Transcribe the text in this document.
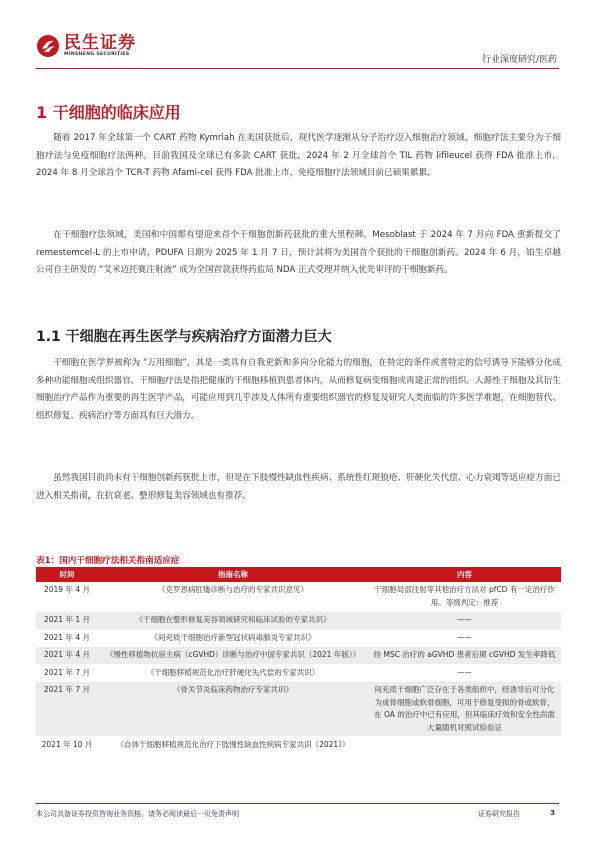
民生证券
MINSHENG SECURITIES
行业深度研究/医药
1 干细胞的临床应用

随着 2017 年全球第一个 CART 药物 Kymriah 在美国获批后，现代医学逐渐从分子治疗迈入细胞治疗领域。细胞疗法主要分为干细胞疗法与免疫细胞疗法两种。目前我国及全球已有多款 CART 获批，2024 年 2 月全球首个 TIL 药物 lifileucel 获得 FDA 批准上市，2024 年 8 月全球首个 TCR-T 药物 Afami-cel 获得 FDA 批准上市，免疫细胞疗法领域目前已硕果累累。

在干细胞疗法领域，美国和中国都有望迎来首个干细胞创新药获批的重大里程碑。Mesoblast 于 2024 年 7 月向 FDA 重新提交了 remestemcel-L 的上市申请，PDUFA 日期为 2025 年 1 月 7 日，预计其将为美国首个获批的干细胞创新药。2024 年 6 月，铂生卓越公司自主研发的 “艾米迈托赛注射液” 成为全国首款获得药监局 NDA 正式受理并纳入优先审评的干细胞新药。

1.1 干细胞在再生医学与疾病治疗方面潜力巨大

干细胞在医学界被称为 “万用细胞”，其是一类具有自我更新和多向分化能力的细胞，在特定的条件或者特定的信号诱导下能够分化成多种功能细胞或组织器官。干细胞疗法是指把健康的干细胞移植到患者体内，从而修复病变细胞或再建正常的组织。人源性干细胞及其衍生细胞治疗产品作为重要的再生医学产品，可能应用到几乎涉及人体所有重要组织器官的修复及研究人类面临的许多医学难题，在细胞替代、组织修复、疾病治疗等方面具有巨大潜力。

虽然我国目前尚未有干细胞创新药获批上市，但是在下肢慢性缺血性疾病、系统性红斑狼疮、肝硬化失代偿、心力衰竭等适应症方面已进入相关指南，在抗衰老、整形修复美容领域也有推荐。

表1：国内干细胞疗法相关指南适应症
时间	指南名称	内容
2019 年 4 月	《克罗恩病肛瘘诊断与治疗的专家共识意见》	干细胞局部注射等其他治疗方法对 pfCD 有一定治疗作用。等级判定：推荐
2021 年 1 月	《干细胞在整形修复美容领域研究和临床试验的专家共识》	——
2021 年 4 月	《间充质干细胞治疗新型冠状病毒肺炎专家共识》	——
2021 年 4 月	《慢性移植物抗宿主病（cGVHD）诊断与治疗中国专家共识（2021 年版）》	经 MSC 治疗的 aGVHD 患者后期 cGVHD 发生率降低
2021 年 7 月	《干细胞移植规范化治疗肝硬化失代偿的专家共识》	——
2021 年 7 月	《骨关节炎临床药物治疗专家共识》	间充质干细胞广泛存在于各类组织中，经诱导后可分化为成骨细胞或软骨细胞，可用于修复受损的骨或软骨，在 OA 的治疗中已有应用，但其临床疗效和安全性尚需大量随机对照试验验证
2021 年 10 月	《自体干细胞移植规范化治疗下肢慢性缺血性疾病专家共识（2021）》	
本公司具备证券投资咨询业务资格，请务必阅读最后一页免责声明	证券研究报告	3
